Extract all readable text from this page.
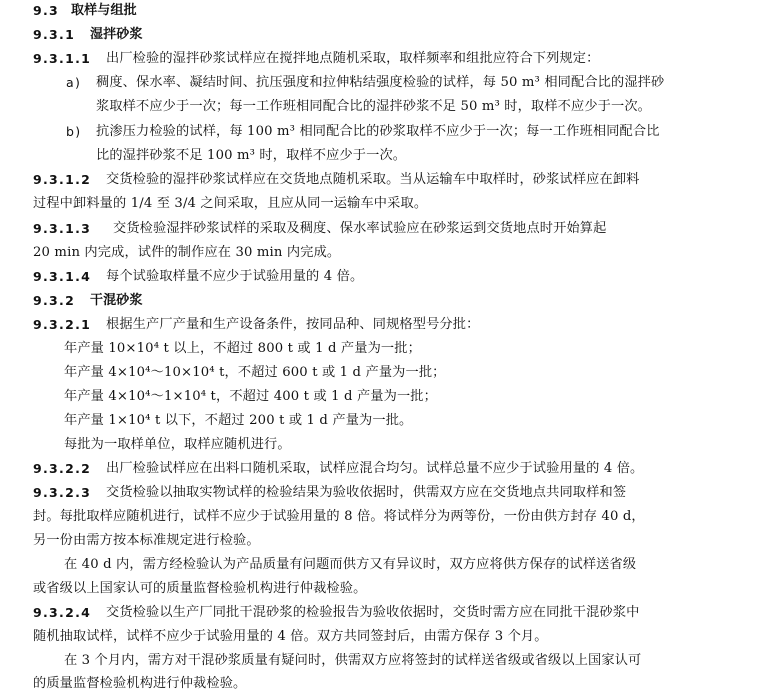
9.3 取样与组批
9.3.1 湿拌砂浆
9.3.1.1 出厂检验的湿拌砂浆试样应在搅拌地点随机采取，取样频率和组批应符合下列规定：
a) 稠度、保水率、凝结时间、抗压强度和拉伸粘结强度检验的试样，每 50 m³ 相同配合比的湿拌砂
浆取样不应少于一次；每一工作班相同配合比的湿拌砂浆不足 50 m³ 时，取样不应少于一次。
b) 抗渗压力检验的试样，每 100 m³ 相同配合比的砂浆取样不应少于一次；每一工作班相同配合比
比的湿拌砂浆不足 100 m³ 时，取样不应少于一次。
9.3.1.2 交货检验的湿拌砂浆试样应在交货地点随机采取。当从运输车中取样时，砂浆试样应在卸料
过程中卸料量的 1/4 至 3/4 之间采取，且应从同一运输车中采取。
9.3.1.3 交货检验湿拌砂浆试样的采取及稠度、保水率试验应在砂浆运到交货地点时开始算起
20 min 内完成，试件的制作应在 30 min 内完成。
9.3.1.4 每个试验取样量不应少于试验用量的 4 倍。
9.3.2 干混砂浆
9.3.2.1 根据生产厂产量和生产设备条件，按同品种、同规格型号分批：
年产量 10×10⁴ t 以上，不超过 800 t 或 1 d 产量为一批；
年产量 4×10⁴～10×10⁴ t，不超过 600 t 或 1 d 产量为一批；
年产量 4×10⁴～1×10⁴ t，不超过 400 t 或 1 d 产量为一批；
年产量 1×10⁴ t 以下，不超过 200 t 或 1 d 产量为一批。
每批为一取样单位，取样应随机进行。
9.3.2.2 出厂检验试样应在出料口随机采取，试样应混合均匀。试样总量不应少于试验用量的 4 倍。
9.3.2.3 交货检验以抽取实物试样的检验结果为验收依据时，供需双方应在交货地点共同取样和签
封。每批取样应随机进行，试样不应少于试验用量的 8 倍。将试样分为两等份，一份由供方封存 40 d，
另一份由需方按本标准规定进行检验。
在 40 d 内，需方经检验认为产品质量有问题而供方又有异议时，双方应将供方保存的试样送省级
或省级以上国家认可的质量监督检验机构进行仲裁检验。
9.3.2.4 交货检验以生产厂同批干混砂浆的检验报告为验收依据时，交货时需方应在同批干混砂浆中
随机抽取试样，试样不应少于试验用量的 4 倍。双方共同签封后，由需方保存 3 个月。
在 3 个月内，需方对干混砂浆质量有疑问时，供需双方应将签封的试样送省级或省级以上国家认可
的质量监督检验机构进行仲裁检验。
